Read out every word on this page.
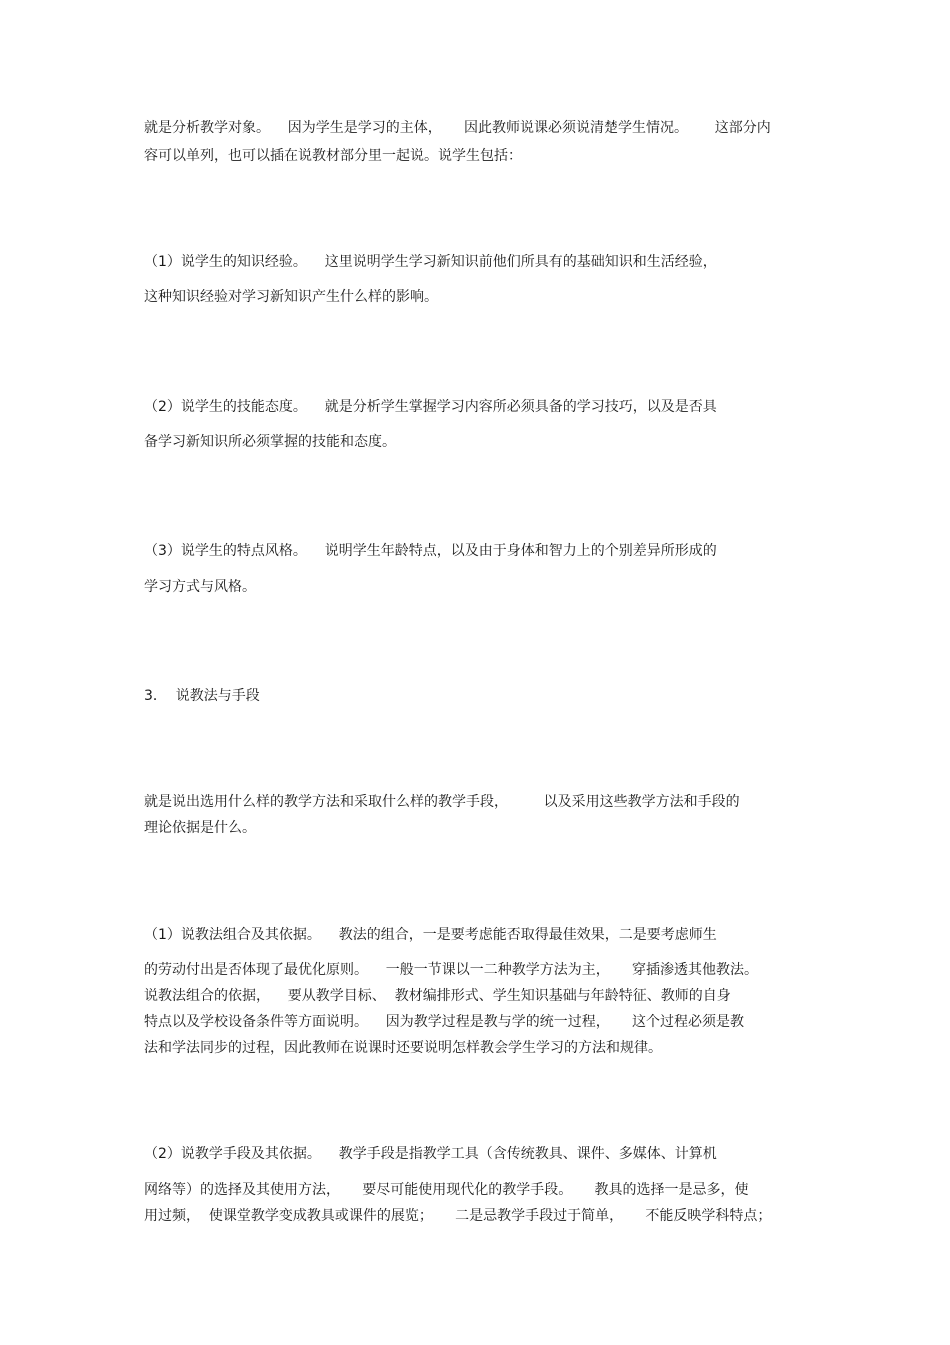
就是分析教学对象。    因为学生是学习的主体，     因此教师说课必须说清楚学生情况。      这部分内
容可以单列，也可以插在说教材部分里一起说。说学生包括：
（1）说学生的知识经验。    这里说明学生学习新知识前他们所具有的基础知识和生活经验，
这种知识经验对学习新知识产生什么样的影响。
（2）说学生的技能态度。    就是分析学生掌握学习内容所必须具备的学习技巧，以及是否具
备学习新知识所必须掌握的技能和态度。
（3）说学生的特点风格。    说明学生年龄特点，以及由于身体和智力上的个别差异所形成的
学习方式与风格。
3．  说教法与手段
就是说出选用什么样的教学方法和采取什么样的教学手段，        以及采用这些教学方法和手段的
理论依据是什么。
（1）说教法组合及其依据。    教法的组合，一是要考虑能否取得最佳效果，二是要考虑师生
的劳动付出是否体现了最优化原则。    一般一节课以一二种教学方法为主，     穿插渗透其他教法。
说教法组合的依据，    要从教学目标、  教材编排形式、学生知识基础与年龄特征、教师的自身
特点以及学校设备条件等方面说明。    因为教学过程是教与学的统一过程，     这个过程必须是教
法和学法同步的过程，因此教师在说课时还要说明怎样教会学生学习的方法和规律。
（2）说教学手段及其依据。    教学手段是指教学工具（含传统教具、课件、多媒体、计算机
网络等）的选择及其使用方法，     要尽可能使用现代化的教学手段。     教具的选择一是忌多，使
用过频，  使课堂教学变成教具或课件的展览；     二是忌教学手段过于简单，     不能反映学科特点；
